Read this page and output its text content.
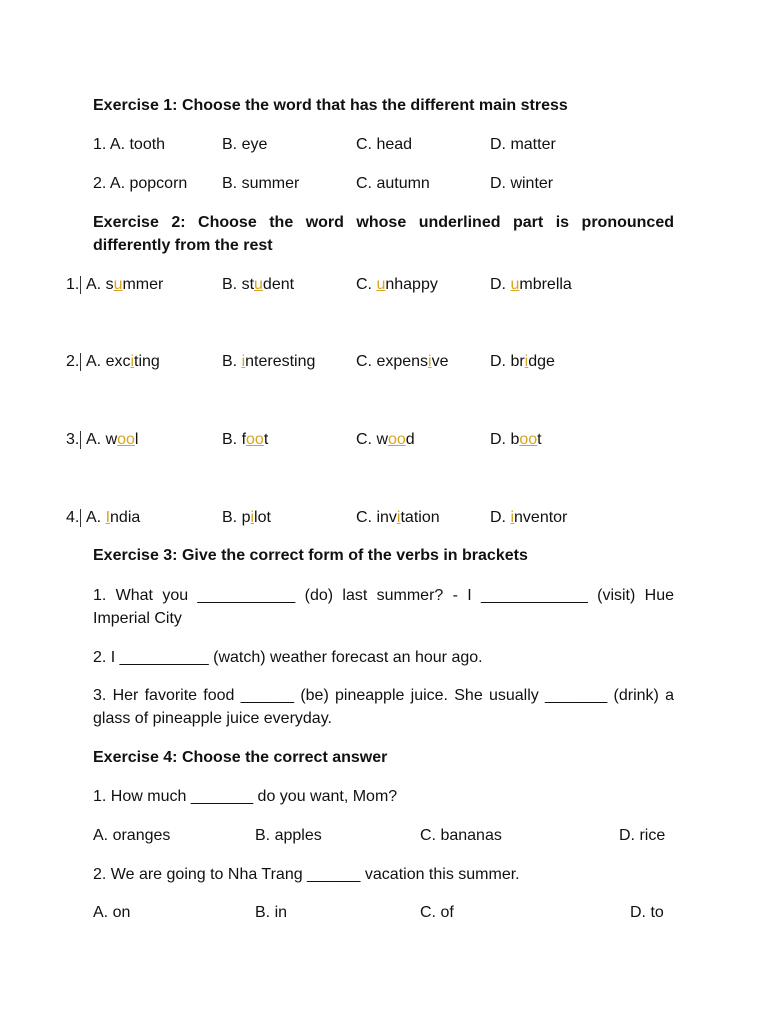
Exercise 1: Choose the word that has the different main stress
1. A. tooth	B. eye	C. head	D. matter
2. A. popcorn B. summer	C. autumn	D. winter
Exercise 2: Choose the word whose underlined part is pronounced differently from the rest
1. A. summer	B. student	C. unhappy	D. umbrella
2. A. exciting	B. interesting	C. expensive	D. bridge
3. A. wool	B. foot	C. wood	D. boot
4. A. India	B. pilot	C. invitation	D. inventor
Exercise 3: Give the correct form of the verbs in brackets
1. What you ___________ (do) last summer? - I ____________ (visit) Hue Imperial City
2. I __________ (watch) weather forecast an hour ago.
3. Her favorite food ______ (be) pineapple juice. She usually _______ (drink) a glass of pineapple juice everyday.
Exercise 4: Choose the correct answer
1. How much _______ do you want, Mom?
A. oranges	B. apples	C. bananas	D. rice
2. We are going to Nha Trang ______ vacation this summer.
A. on	B. in	C. of	D. to
